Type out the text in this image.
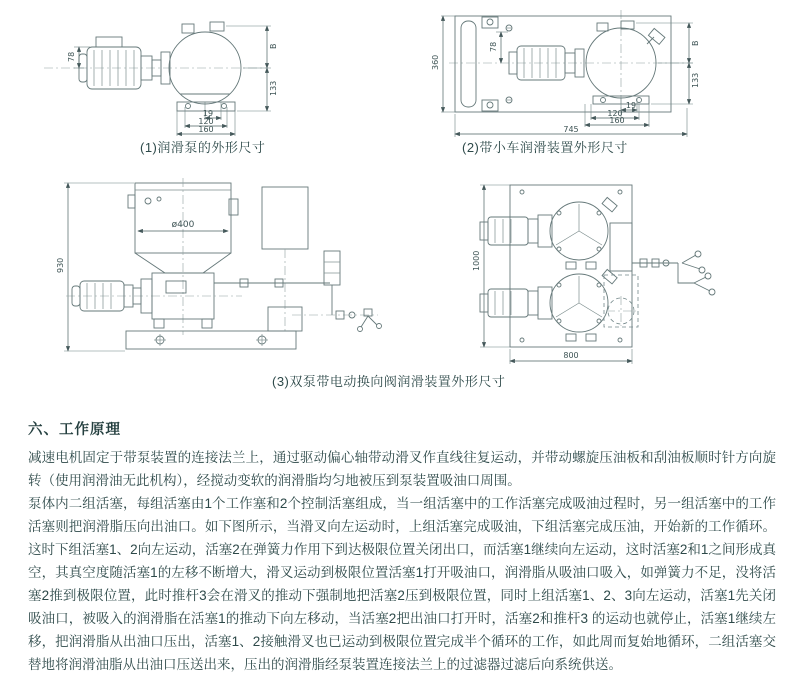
78
B
133
19
120
160
(1)润滑泵的外形尺寸
360
78	B
133
19
120
160
745
(2)带小车润滑装置外形尺寸
930
ø400
1000
800
(3)双泵带电动换向阀润滑装置外形尺寸
六、工作原理

减速电机固定于带泵装置的连接法兰上，通过驱动偏心轴带动滑叉作直线往复运动，并带动螺旋压油板和刮油板顺时针方向旋转（使用润滑油无此机构），经搅动变软的润滑脂均匀地被压到泵装置吸油口周围。

泵体内二组活塞，每组活塞由1个工作塞和2个控制活塞组成，当一组活塞中的工作活塞完成吸油过程时，另一组活塞中的工作活塞则把润滑脂压向出油口。如下图所示，当滑叉向左运动时，上组活塞完成吸油，下组活塞完成压油，开始新的工作循环。这时下组活塞1、2向左运动，活塞2在弹簧力作用下到达极限位置关闭出口，而活塞1继续向左运动，这时活塞2和1之间形成真空，其真空度随活塞1的左移不断增大，滑叉运动到极限位置活塞1打开吸油口，润滑脂从吸油口吸入，如弹簧力不足，没将活塞2推到极限位置，此时推杆3会在滑叉的推动下强制地把活塞2压到极限位置，同时上组活塞1、2、3向左运动，活塞1先关闭吸油口，被吸入的润滑脂在活塞1的推动下向左移动，当活塞2把出油口打开时，活塞2和推杆3 的运动也就停止，活塞1继续左移，把润滑脂从出油口压出，活塞1、2接触滑叉也已运动到极限位置完成半个循环的工作，如此周而复始地循环，二组活塞交替地将润滑油脂从出油口压送出来，压出的润滑脂经泵装置连接法兰上的过滤器过滤后向系统供送。
